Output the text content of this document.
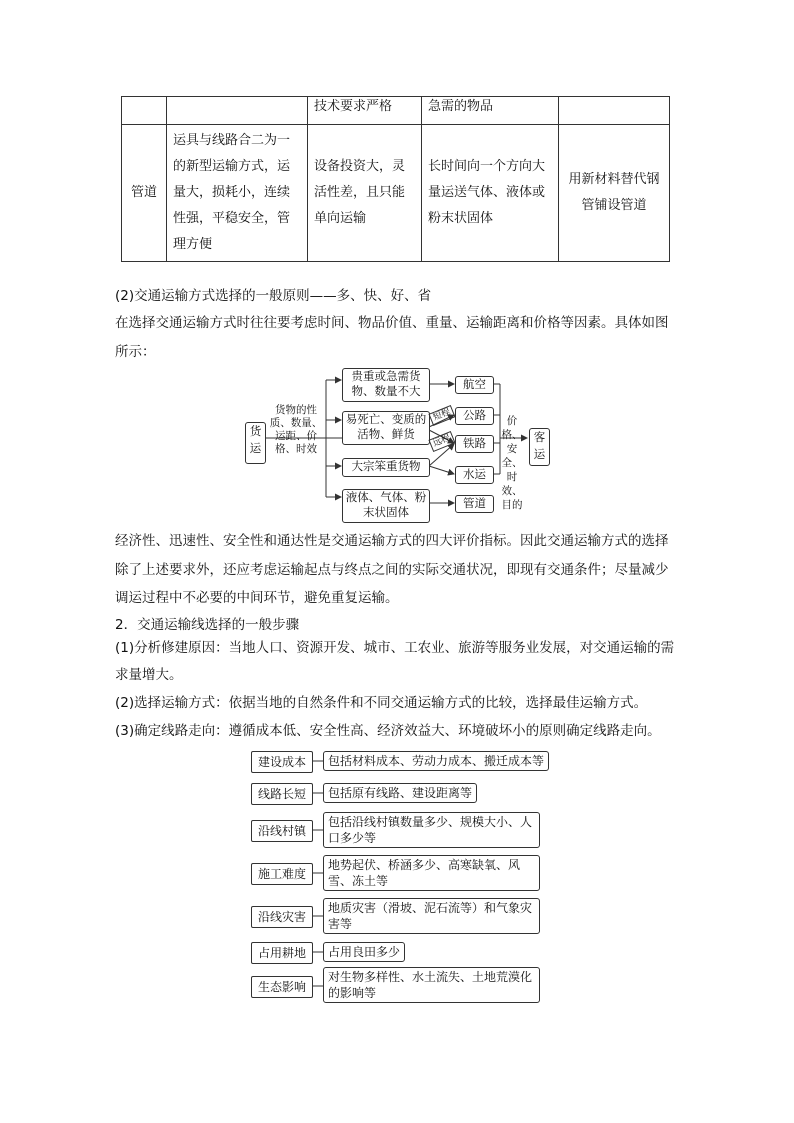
		技术要求严格	急需的物品	
管道	运具与线路合二为一的新型运输方式，运量大，损耗小，连续性强，平稳安全，管理方便	设备投资大，灵活性差，且只能单向运输	长时间向一个方向大量运送气体、液体或粉末状固体	用新材料替代钢管铺设管道
(2)交通运输方式选择的一般原则——多、快、好、省
在选择交通运输方式时往往要考虑时间、物品价值、重量、运输距离和价格等因素。具体如图所示：
货运
货物的性质、数量、运距、价格、时效
贵重或急需货物、数量不大
易死亡、变质的活物、鲜货
大宗笨重货物
液体、气体、粉末状固体
航空
公路
铁路
水运
管道
短程
远程
价格、安全、时效、目的
客运
经济性、迅速性、安全性和通达性是交通运输方式的四大评价指标。因此交通运输方式的选择除了上述要求外，还应考虑运输起点与终点之间的实际交通状况，即现有交通条件；尽量减少调运过程中不必要的中间环节，避免重复运输。
2．交通运输线选择的一般步骤
(1)分析修建原因：当地人口、资源开发、城市、工农业、旅游等服务业发展，对交通运输的需求量增大。
(2)选择运输方式：依据当地的自然条件和不同交通运输方式的比较，选择最佳运输方式。
(3)确定线路走向：遵循成本低、安全性高、经济效益大、环境破坏小的原则确定线路走向。
建设成本	包括材料成本、劳动力成本、搬迁成本等
线路长短	包括原有线路、建设距离等
沿线村镇
包括沿线村镇数量多少、规模大小、人口多少等
施工难度
地势起伏、桥涵多少、高寒缺氧、风雪、冻土等
沿线灾害
地质灾害（滑坡、泥石流等）和气象灾害等
占用耕地	占用良田多少
生态影响
对生物多样性、水土流失、土地荒漠化的影响等
